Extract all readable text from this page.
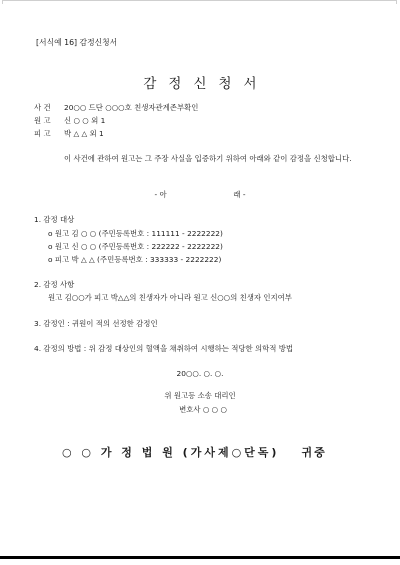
[서식예 16] 감정신청서
감정신청서
사 건 20○○ 드단 ○○○호 친생자관계존부확인
원 고 신 ○ ○ 외 1
피 고 박 △ △ 외 1
이 사건에 관하여 원고는 그 주장 사실을 입증하기 위하여 아래와 같이 감정을 신청합니다.
- 아	래 -
1. 감정 대상
o 원고 김 ○ ○ (주민등록번호 : 111111 - 2222222)
o 원고 신 ○ ○ (주민등록번호 : 222222 - 2222222)
o 피고 박 △ △ (주민등록번호 : 333333 - 2222222)
2. 감정 사항
원고 김○○가 피고 박△△의 친생자가 아니라 원고 신○○의 친생자 인지여부
3. 감정인 : 귀원이 적의 선정한 감정인
4. 감정의 방법 : 위 감정 대상인의 혈액을 채취하여 시행하는 적당한 의학적 방법
20○○. ○. ○.
위 원고등 소송 대리인
변호사 ○ ○ ○
○ ○ 가 정 법 원 (가사제○단독) 귀중
